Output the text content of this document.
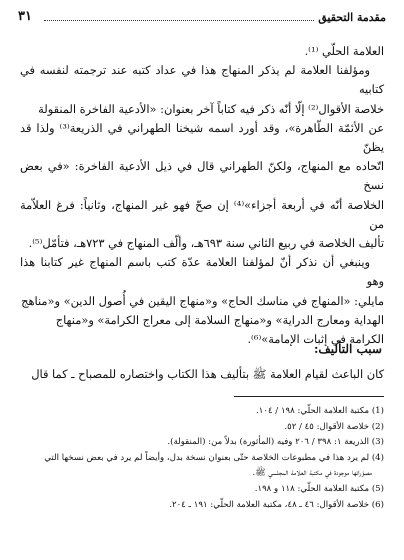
مقدمة التحقيق
٣١

العلامة الحلّي ⁽¹⁾.

ومؤلفنا العلامة لم يذكر المنهاج هذا في عداد كتبه عند ترجمته لنفسه في كتابيه

خلاصة الأقوال⁽²⁾ إلّا أنّه ذكر فيه كتاباً آخر بعنوان: «الأدعية الفاخرة المنقولة

عن الأئمّة الطّاهرة»، وقد أورد اسمه شيخنا الطهراني في الذريعة⁽³⁾ ولذا قد يظنّ

اتّحاده مع المنهاج، ولكنّ الطهراني قال في ذيل الأدعية الفاخرة: «في بعض نسخ

الخلاصة أنّه في أربعة أجزاء»⁽⁴⁾ إن صحّ فهو غير المنهاج، وثانياً: فرغ العلاّمة من

تأليف الخلاصة في ربيع الثاني سنة ٦٩٣هـ، وألّف المنهاج في ٧٢٣هـ، فتأمّل⁽⁵⁾.

وينبغي أن نذكر أنّ لمؤلفنا العلامة عدّة كتب باسم المنهاج غير كتابنا هذا وهو

مايلي: «المنهاج في مناسك الحاج» و«منهاج اليقين في أُصول الدين» و«مناهج

الهداية ومعارج الدراية» و«منهاج السلامة إلى معراج الكرامة» و«منهاج

الكرامة في إثبات الإمامة»⁽⁶⁾.

سبب التأليف:
كان الباعث لقيام العلامة ﷺ بتأليف هذا الكتاب واختصاره للمصباح ـ كما قال
(1) مكتبة العلامة الحلّي: ١٩٨ / ١٠٤.
(2) خلاصة الأقوال: ٤٥ / ٥٢.
(3) الذريعة ١: ٣٩٨ / ٢٠٦ وفيه (المأثورة) بدلاً من: (المنقولة).
(4) لم يرد هذا في مطبوعات الخلاصة حتّى بعنوان نسخة بدل، وأيضاً لم يرد في بعض نسخها التي
مصوّراتها موجودة في مكتبة العلامة المجلسي ﷺ.
(5) مكتبة العلامة الحلّي: ١١٨ و ١٩٨.
(6) خلاصة الأقوال: ٤٦ ـ ٤٨، مكتبة العلامة الحلّي: ١٩١ ـ ٢٠٤.
